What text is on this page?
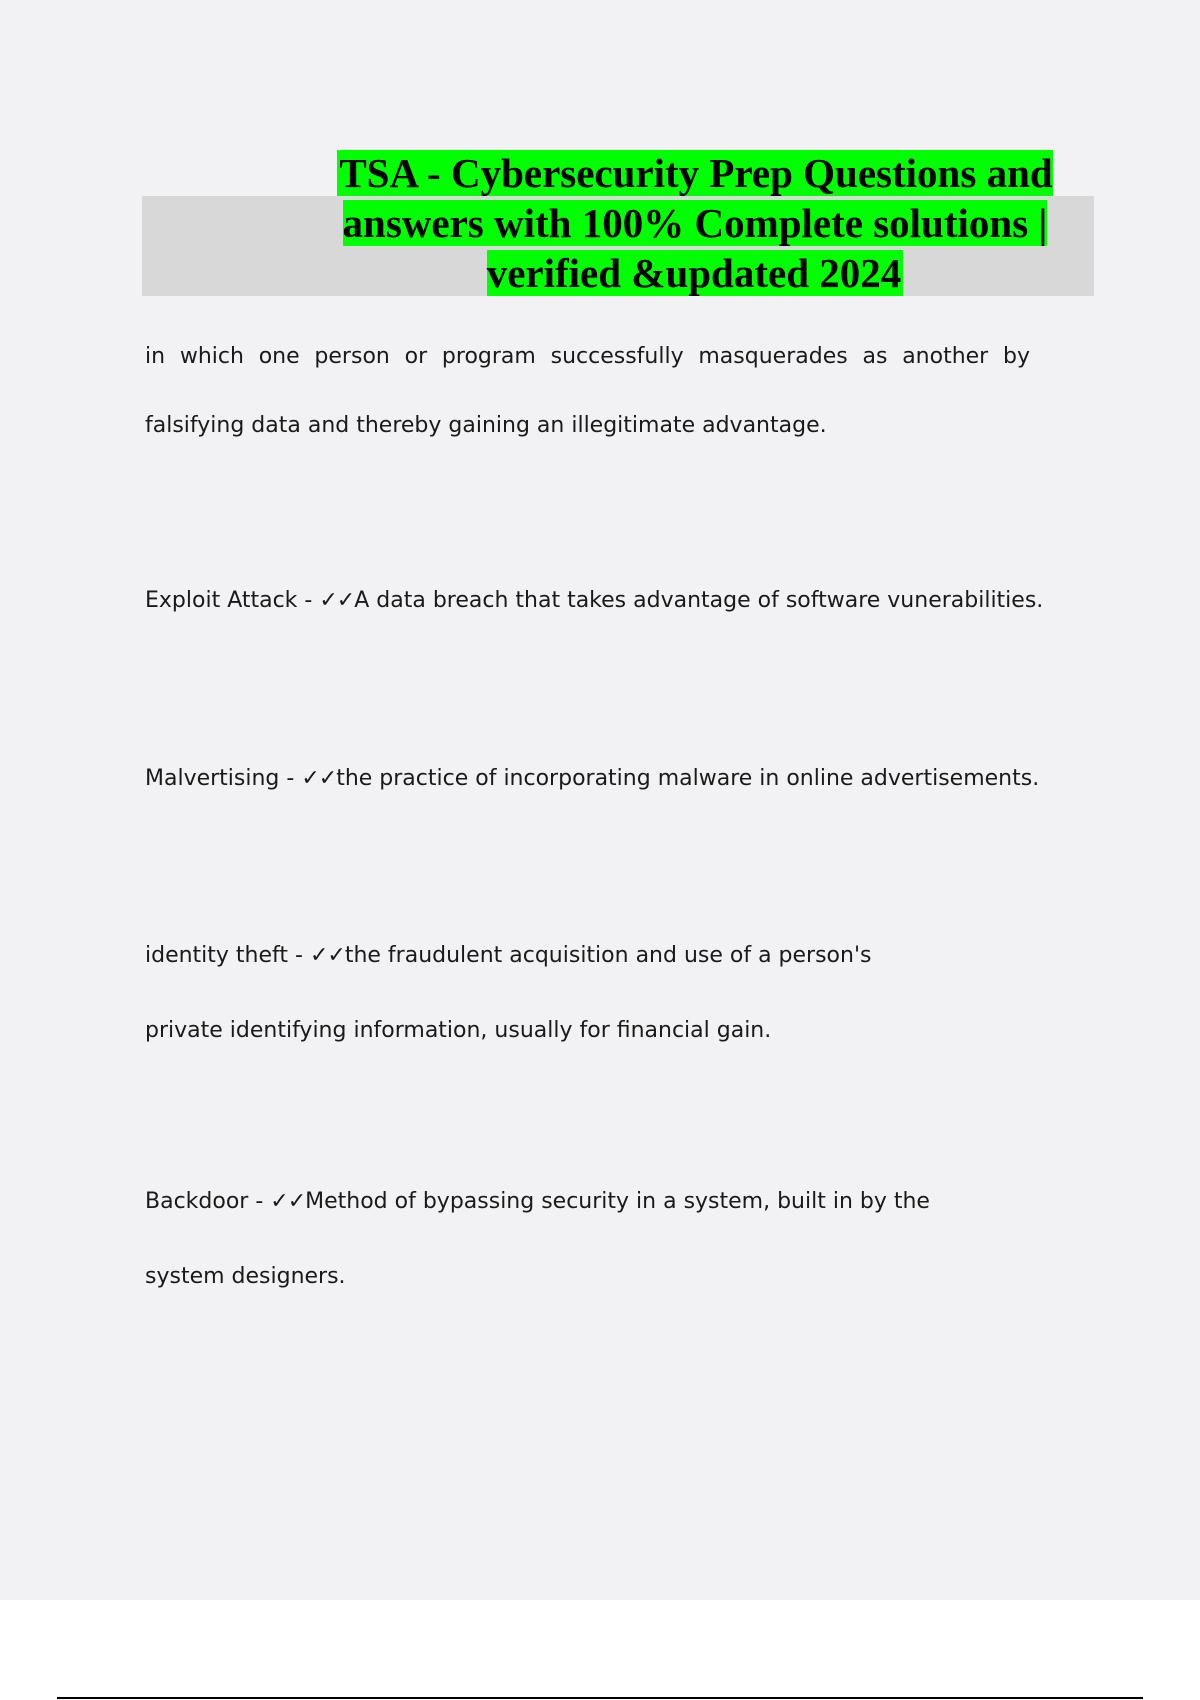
TSA - Cybersecurity Prep Questions and answers with 100% Complete solutions | verified &updated 2024

in which one person or program successfully masquerades as another by

falsifying data and thereby gaining an illegitimate advantage.

Exploit Attack - ✓✓A data breach that takes advantage of software vunerabilities.

Malvertising - ✓✓the practice of incorporating malware in online advertisements.

identity theft - ✓✓the fraudulent acquisition and use of a person's

private identifying information, usually for financial gain.

Backdoor - ✓✓Method of bypassing security in a system, built in by the

system designers.
